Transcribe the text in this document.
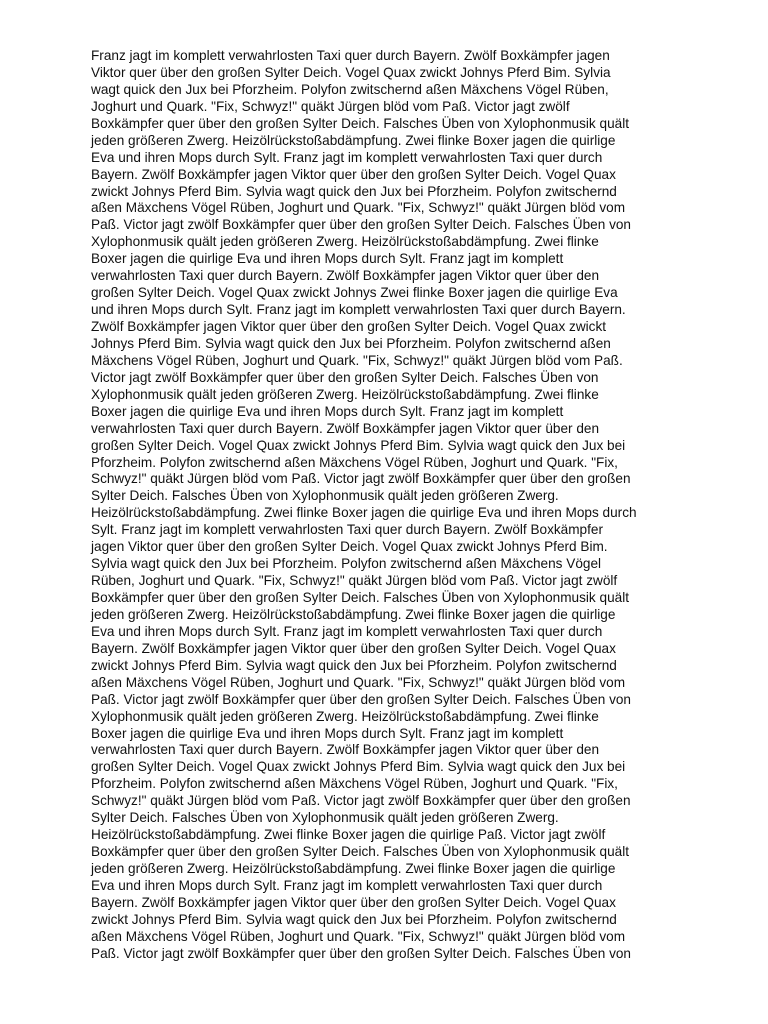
Franz jagt im komplett verwahrlosten Taxi quer durch Bayern. Zwölf Boxkämpfer jagen
Viktor quer über den großen Sylter Deich. Vogel Quax zwickt Johnys Pferd Bim. Sylvia
wagt quick den Jux bei Pforzheim. Polyfon zwitschernd aßen Mäxchens Vögel Rüben,
Joghurt und Quark. "Fix, Schwyz!" quäkt Jürgen blöd vom Paß. Victor jagt zwölf
Boxkämpfer quer über den großen Sylter Deich. Falsches Üben von Xylophonmusik quält
jeden größeren Zwerg. Heizölrückstoßabdämpfung. Zwei flinke Boxer jagen die quirlige
Eva und ihren Mops durch Sylt. Franz jagt im komplett verwahrlosten Taxi quer durch
Bayern. Zwölf Boxkämpfer jagen Viktor quer über den großen Sylter Deich. Vogel Quax
zwickt Johnys Pferd Bim. Sylvia wagt quick den Jux bei Pforzheim. Polyfon zwitschernd
aßen Mäxchens Vögel Rüben, Joghurt und Quark. "Fix, Schwyz!" quäkt Jürgen blöd vom
Paß. Victor jagt zwölf Boxkämpfer quer über den großen Sylter Deich. Falsches Üben von
Xylophonmusik quält jeden größeren Zwerg. Heizölrückstoßabdämpfung. Zwei flinke
Boxer jagen die quirlige Eva und ihren Mops durch Sylt. Franz jagt im komplett
verwahrlosten Taxi quer durch Bayern. Zwölf Boxkämpfer jagen Viktor quer über den
großen Sylter Deich. Vogel Quax zwickt Johnys Zwei flinke Boxer jagen die quirlige Eva
und ihren Mops durch Sylt. Franz jagt im komplett verwahrlosten Taxi quer durch Bayern.
Zwölf Boxkämpfer jagen Viktor quer über den großen Sylter Deich. Vogel Quax zwickt
Johnys Pferd Bim. Sylvia wagt quick den Jux bei Pforzheim. Polyfon zwitschernd aßen
Mäxchens Vögel Rüben, Joghurt und Quark. "Fix, Schwyz!" quäkt Jürgen blöd vom Paß.
Victor jagt zwölf Boxkämpfer quer über den großen Sylter Deich. Falsches Üben von
Xylophonmusik quält jeden größeren Zwerg. Heizölrückstoßabdämpfung. Zwei flinke
Boxer jagen die quirlige Eva und ihren Mops durch Sylt. Franz jagt im komplett
verwahrlosten Taxi quer durch Bayern. Zwölf Boxkämpfer jagen Viktor quer über den
großen Sylter Deich. Vogel Quax zwickt Johnys Pferd Bim. Sylvia wagt quick den Jux bei
Pforzheim. Polyfon zwitschernd aßen Mäxchens Vögel Rüben, Joghurt und Quark. "Fix,
Schwyz!" quäkt Jürgen blöd vom Paß. Victor jagt zwölf Boxkämpfer quer über den großen
Sylter Deich. Falsches Üben von Xylophonmusik quält jeden größeren Zwerg.
Heizölrückstoßabdämpfung. Zwei flinke Boxer jagen die quirlige Eva und ihren Mops durch
Sylt. Franz jagt im komplett verwahrlosten Taxi quer durch Bayern. Zwölf Boxkämpfer
jagen Viktor quer über den großen Sylter Deich. Vogel Quax zwickt Johnys Pferd Bim.
Sylvia wagt quick den Jux bei Pforzheim. Polyfon zwitschernd aßen Mäxchens Vögel
Rüben, Joghurt und Quark. "Fix, Schwyz!" quäkt Jürgen blöd vom Paß. Victor jagt zwölf
Boxkämpfer quer über den großen Sylter Deich. Falsches Üben von Xylophonmusik quält
jeden größeren Zwerg. Heizölrückstoßabdämpfung. Zwei flinke Boxer jagen die quirlige
Eva und ihren Mops durch Sylt. Franz jagt im komplett verwahrlosten Taxi quer durch
Bayern. Zwölf Boxkämpfer jagen Viktor quer über den großen Sylter Deich. Vogel Quax
zwickt Johnys Pferd Bim. Sylvia wagt quick den Jux bei Pforzheim. Polyfon zwitschernd
aßen Mäxchens Vögel Rüben, Joghurt und Quark. "Fix, Schwyz!" quäkt Jürgen blöd vom
Paß. Victor jagt zwölf Boxkämpfer quer über den großen Sylter Deich. Falsches Üben von
Xylophonmusik quält jeden größeren Zwerg. Heizölrückstoßabdämpfung. Zwei flinke
Boxer jagen die quirlige Eva und ihren Mops durch Sylt. Franz jagt im komplett
verwahrlosten Taxi quer durch Bayern. Zwölf Boxkämpfer jagen Viktor quer über den
großen Sylter Deich. Vogel Quax zwickt Johnys Pferd Bim. Sylvia wagt quick den Jux bei
Pforzheim. Polyfon zwitschernd aßen Mäxchens Vögel Rüben, Joghurt und Quark. "Fix,
Schwyz!" quäkt Jürgen blöd vom Paß. Victor jagt zwölf Boxkämpfer quer über den großen
Sylter Deich. Falsches Üben von Xylophonmusik quält jeden größeren Zwerg.
Heizölrückstoßabdämpfung. Zwei flinke Boxer jagen die quirlige Paß. Victor jagt zwölf
Boxkämpfer quer über den großen Sylter Deich. Falsches Üben von Xylophonmusik quält
jeden größeren Zwerg. Heizölrückstoßabdämpfung. Zwei flinke Boxer jagen die quirlige
Eva und ihren Mops durch Sylt. Franz jagt im komplett verwahrlosten Taxi quer durch
Bayern. Zwölf Boxkämpfer jagen Viktor quer über den großen Sylter Deich. Vogel Quax
zwickt Johnys Pferd Bim. Sylvia wagt quick den Jux bei Pforzheim. Polyfon zwitschernd
aßen Mäxchens Vögel Rüben, Joghurt und Quark. "Fix, Schwyz!" quäkt Jürgen blöd vom
Paß. Victor jagt zwölf Boxkämpfer quer über den großen Sylter Deich. Falsches Üben von
